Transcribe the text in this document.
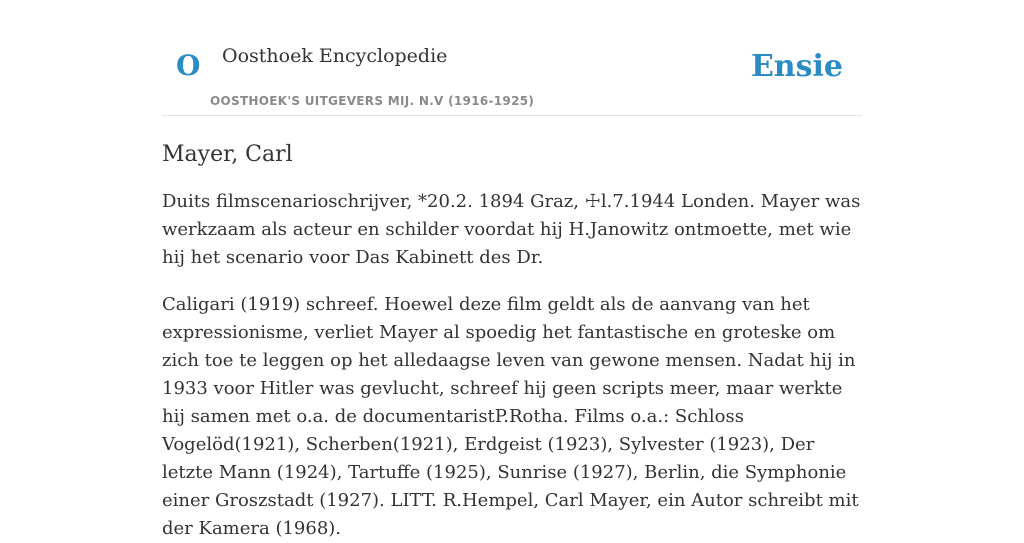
O Oosthoek Encyclopedie
OOSTHOEK'S UITGEVERS MIJ. N.V (1916-1925)
Ensie
Mayer, Carl

Duits filmscenarioschrijver, *20.2. 1894 Graz, ☩l.7.1944 Londen. Mayer was werkzaam als acteur en schilder voordat hij H.Janowitz ontmoette, met wie hij het scenario voor Das Kabinett des Dr.

Caligari (1919) schreef. Hoewel deze film geldt als de aanvang van het expressionisme, verliet Mayer al spoedig het fantastische en groteske om zich toe te leggen op het alledaagse leven van gewone mensen. Nadat hij in 1933 voor Hitler was gevlucht, schreef hij geen scripts meer, maar werkte hij samen met o.a. de documentaristP.Rotha. Films o.a.: Schloss Vogelöd(1921), Scherben(1921), Erdgeist (1923), Sylvester (1923), Der letzte Mann (1924), Tartuffe (1925), Sunrise (1927), Berlin, die Symphonie einer Groszstadt (1927). LITT. R.Hempel, Carl Mayer, ein Autor schreibt mit der Kamera (1968).
